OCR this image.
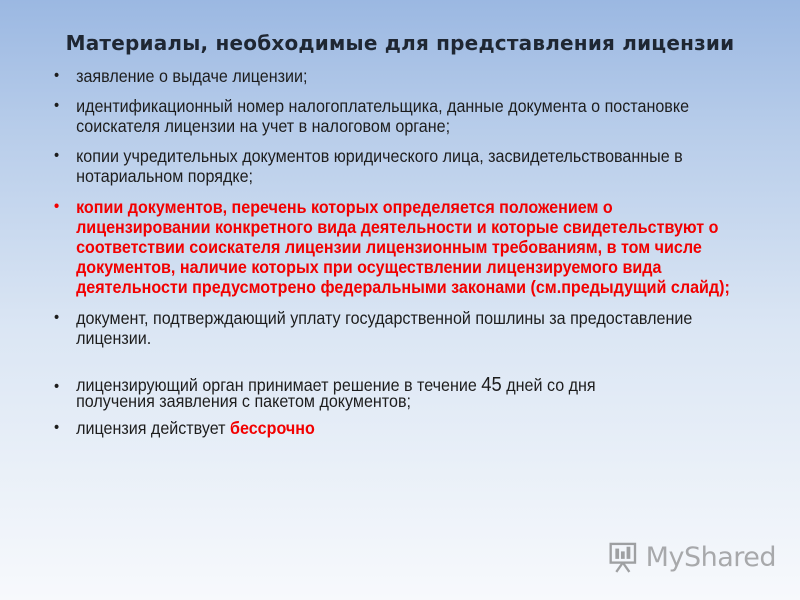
Материалы, необходимые для представления лицензии
• заявление о выдаче лицензии;
• идентификационный номер налогоплательщика, данные документа о постановке соискателя лицензии на учет в налоговом органе;
• копии учредительных документов юридического лица, засвидетельствованные в нотариальном порядке;
• копии документов, перечень которых определяется положением о лицензировании конкретного вида деятельности и которые свидетельствуют о соответствии соискателя лицензии лицензионным требованиям, в том числе документов, наличие которых при осуществлении лицензируемого вида деятельности предусмотрено федеральными законами (см.предыдущий слайд);
• документ, подтверждающий уплату государственной пошлины за предоставление лицензии.
• лицензирующий орган принимает решение в течение 45 дней со дня
получения заявления с пакетом документов;
• лицензия действует бессрочно
MyShared
